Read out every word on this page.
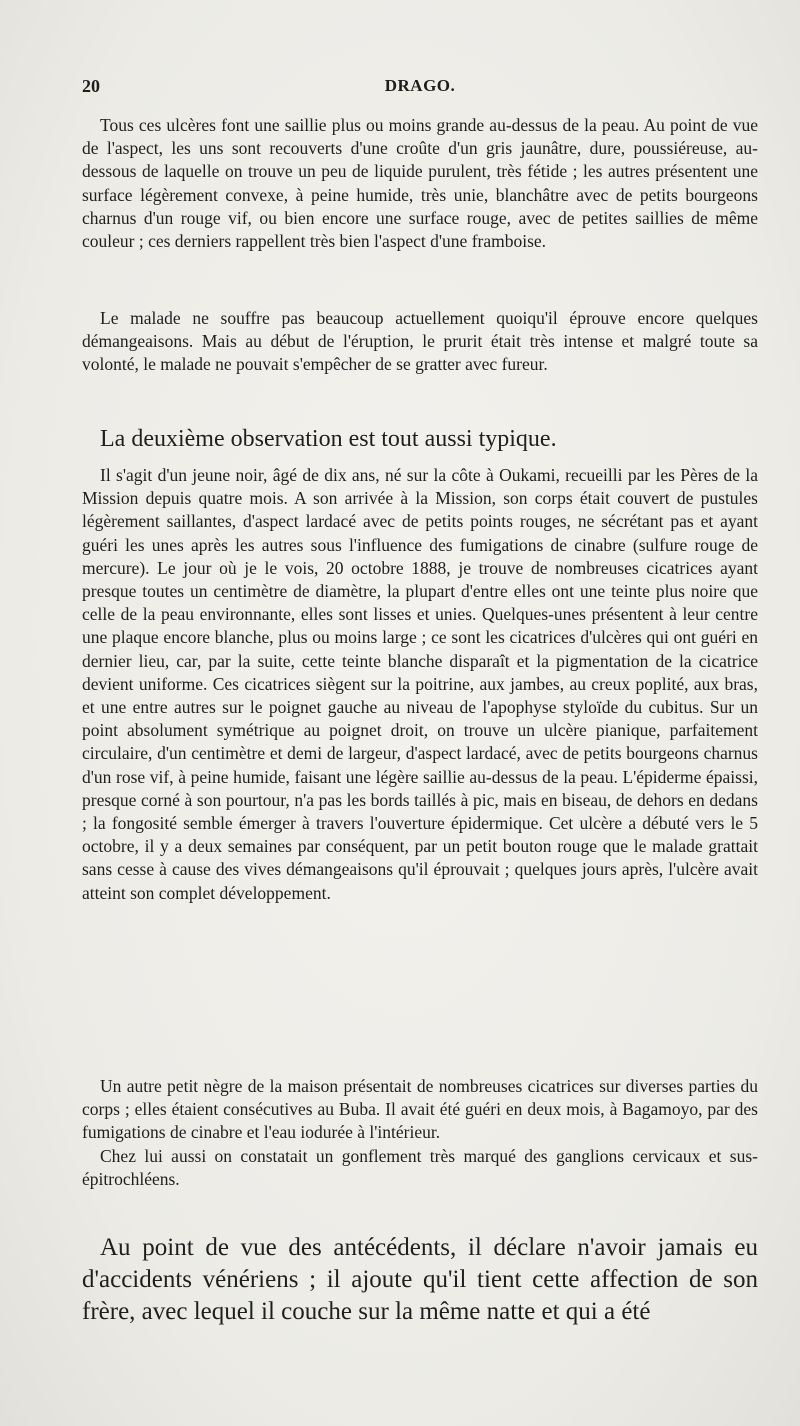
20	DRAGO.

Tous ces ulcères font une saillie plus ou moins grande au-dessus de la peau. Au point de vue de l'aspect, les uns sont recouverts d'une croûte d'un gris jaunâtre, dure, poussiéreuse, au-dessous de laquelle on trouve un peu de liquide purulent, très fétide ; les autres présentent une surface légèrement convexe, à peine humide, très unie, blanchâtre avec de petits bourgeons charnus d'un rouge vif, ou bien encore une surface rouge, avec de petites saillies de même couleur ; ces derniers rappellent très bien l'aspect d'une framboise.

Le malade ne souffre pas beaucoup actuellement quoiqu'il éprouve encore quelques démangeaisons. Mais au début de l'éruption, le prurit était très intense et malgré toute sa volonté, le malade ne pouvait s'empêcher de se gratter avec fureur.

La deuxième observation est tout aussi typique.

Il s'agit d'un jeune noir, âgé de dix ans, né sur la côte à Oukami, recueilli par les Pères de la Mission depuis quatre mois. A son arrivée à la Mission, son corps était couvert de pustules légèrement saillantes, d'aspect lardacé avec de petits points rouges, ne sécrétant pas et ayant guéri les unes après les autres sous l'influence des fumigations de cinabre (sulfure rouge de mercure). Le jour où je le vois, 20 octobre 1888, je trouve de nombreuses cicatrices ayant presque toutes un centimètre de diamètre, la plupart d'entre elles ont une teinte plus noire que celle de la peau environnante, elles sont lisses et unies. Quelques-unes présentent à leur centre une plaque encore blanche, plus ou moins large ; ce sont les cicatrices d'ulcères qui ont guéri en dernier lieu, car, par la suite, cette teinte blanche disparaît et la pigmentation de la cicatrice devient uniforme. Ces cicatrices siègent sur la poitrine, aux jambes, au creux poplité, aux bras, et une entre autres sur le poignet gauche au niveau de l'apophyse styloïde du cubitus. Sur un point absolument symétrique au poignet droit, on trouve un ulcère pianique, parfaitement circulaire, d'un centimètre et demi de largeur, d'aspect lardacé, avec de petits bourgeons charnus d'un rose vif, à peine humide, faisant une légère saillie au-dessus de la peau. L'épiderme épaissi, presque corné à son pourtour, n'a pas les bords taillés à pic, mais en biseau, de dehors en dedans ; la fongosité semble émerger à travers l'ouverture épidermique. Cet ulcère a débuté vers le 5 octobre, il y a deux semaines par conséquent, par un petit bouton rouge que le malade grattait sans cesse à cause des vives démangeaisons qu'il éprouvait ; quelques jours après, l'ulcère avait atteint son complet développement.

Un autre petit nègre de la maison présentait de nombreuses cicatrices sur diverses parties du corps ; elles étaient consécutives au Buba. Il avait été guéri en deux mois, à Bagamoyo, par des fumigations de cinabre et l'eau iodurée à l'intérieur.

Chez lui aussi on constatait un gonflement très marqué des ganglions cervicaux et sus-épitrochléens.

Au point de vue des antécédents, il déclare n'avoir jamais eu d'accidents vénériens ; il ajoute qu'il tient cette affection de son frère, avec lequel il couche sur la même natte et qui a été
